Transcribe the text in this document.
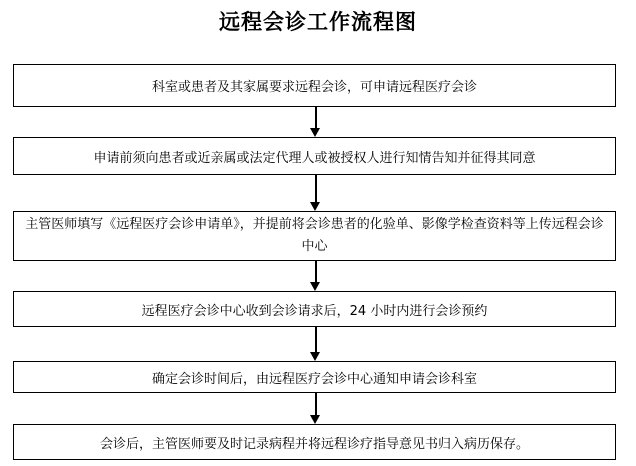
远程会诊工作流程图
科室或患者及其家属要求远程会诊，可申请远程医疗会诊
申请前须向患者或近亲属或法定代理人或被授权人进行知情告知并征得其同意
主管医师填写《远程医疗会诊申请单》，并提前将会诊患者的化验单、影像学检查资料等上传远程会诊中心
远程医疗会诊中心收到会诊请求后，24 小时内进行会诊预约
确定会诊时间后，由远程医疗会诊中心通知申请会诊科室
会诊后，主管医师要及时记录病程并将远程诊疗指导意见书归入病历保存。
